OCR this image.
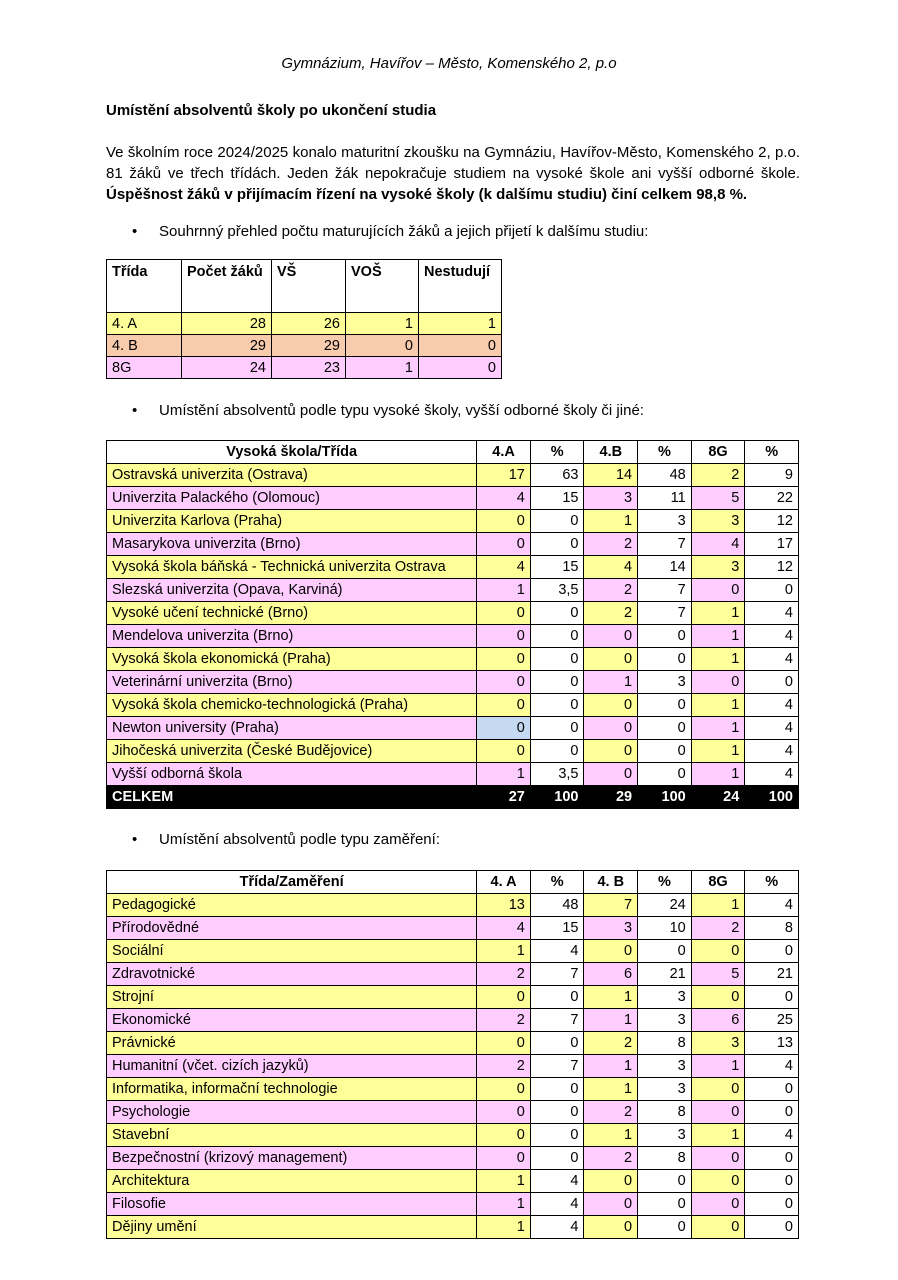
Gymnázium, Havířov – Město, Komenského 2, p.o
Umístění absolventů školy po ukončení studia
Ve školním roce 2024/2025 konalo maturitní zkoušku na Gymnáziu, Havířov-Město, Komenského 2, p.o. 81 žáků ve třech třídách. Jeden žák nepokračuje studiem na vysoké škole ani vyšší odborné škole. Úspěšnost žáků v přijímacím řízení na vysoké školy (k dalšímu studiu) činí celkem 98,8 %.
• Souhrnný přehled počtu maturujících žáků a jejich přijetí k dalšímu studiu:
Třída	Počet žáků	VŠ	VOŠ	Nestudují
4. A	28	26	1	1
4. B	29	29	0	0
8G	24	23	1	0
• Umístění absolventů podle typu vysoké školy, vyšší odborné školy či jiné:
Vysoká škola/Třída	4.A	%	4.B	%	8G	%
Ostravská univerzita (Ostrava)	17	63	14	48	2	9
Univerzita Palackého (Olomouc)	4	15	3	11	5	22
Univerzita Karlova (Praha)	0	0	1	3	3	12
Masarykova univerzita (Brno)	0	0	2	7	4	17
Vysoká škola báňská - Technická univerzita Ostrava	4	15	4	14	3	12
Slezská univerzita (Opava, Karviná)	1	3,5	2	7	0	0
Vysoké učení technické (Brno)	0	0	2	7	1	4
Mendelova univerzita (Brno)	0	0	0	0	1	4
Vysoká škola ekonomická (Praha)	0	0	0	0	1	4
Veterinární univerzita (Brno)	0	0	1	3	0	0
Vysoká škola chemicko-technologická (Praha)	0	0	0	0	1	4
Newton university (Praha)	0	0	0	0	1	4
Jihočeská univerzita (České Budějovice)	0	0	0	0	1	4
Vyšší odborná škola	1	3,5	0	0	1	4
CELKEM	27	100	29	100	24	100
• Umístění absolventů podle typu zaměření:
Třída/Zaměření	4. A	%	4. B	%	8G	%
Pedagogické	13	48	7	24	1	4
Přírodovědné	4	15	3	10	2	8
Sociální	1	4	0	0	0	0
Zdravotnické	2	7	6	21	5	21
Strojní	0	0	1	3	0	0
Ekonomické	2	7	1	3	6	25
Právnické	0	0	2	8	3	13
Humanitní (včet. cizích jazyků)	2	7	1	3	1	4
Informatika, informační technologie	0	0	1	3	0	0
Psychologie	0	0	2	8	0	0
Stavební	0	0	1	3	1	4
Bezpečnostní (krizový management)	0	0	2	8	0	0
Architektura	1	4	0	0	0	0
Filosofie	1	4	0	0	0	0
Dějiny umění	1	4	0	0	0	0
